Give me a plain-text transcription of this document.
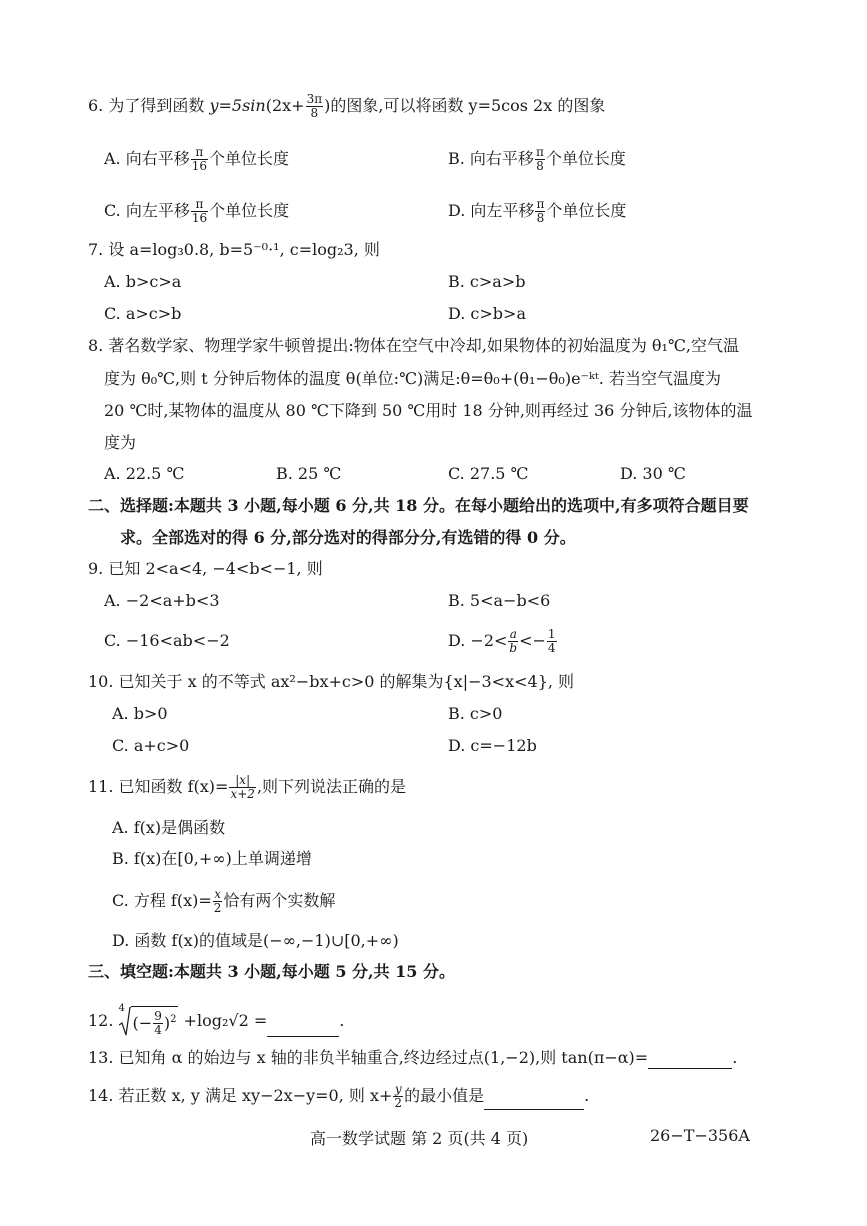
6. 为了得到函数 $y=5\sin(2x+ \frac{3\pi}{8}$ )的图象,可以将函数 y=5cos 2x 的图象
A. 向右平移 $\frac{\pi}{16}$ 个单位长度	B. 向右平移 $\frac{\pi}{8}$ 个单位长度
C. 向左平移 $\frac{\pi}{16}$ 个单位长度	D. 向左平移 $\frac{\pi}{8}$ 个单位长度
7. 设 a=log₃0.8, b=5⁻⁰·¹, c=log₂3, 则
A. b>c>a	B. c>a>b
C. a>c>b	D. c>b>a
8. 著名数学家、物理学家牛顿曾提出:物体在空气中冷却,如果物体的初始温度为 θ₁℃,空气温
度为 θ₀℃,则 t 分钟后物体的温度 θ(单位:℃)满足:θ=θ₀+(θ₁−θ₀)e⁻ᵏᵗ. 若当空气温度为
20 ℃时,某物体的温度从 80 ℃下降到 50 ℃用时 18 分钟,则再经过 36 分钟后,该物体的温
度为
A. 22.5 ℃	B. 25 ℃	C. 27.5 ℃	D. 30 ℃
二、选择题:本题共 3 小题,每小题 6 分,共 18 分。在每小题给出的选项中,有多项符合题目要
求。全部选对的得 6 分,部分选对的得部分分,有选错的得 0 分。
9. 已知 2<a<4, −4<b<−1, 则
A. −2<a+b<3	B. 5<a−b<6
C. −16<ab<−2	D. $-2< \frac{a}{b} <- \frac{1}{4}$
10. 已知关于 x 的不等式 ax²−bx+c>0 的解集为{x|−3<x<4}, 则
A. b>0	B. c>0
C. a+c>0	D. c=−12b
11. 已知函数 $f(x)= \frac{|x|}{x+2}$ ,则下列说法正确的是
A. f(x)是偶函数
B. f(x)在[0,+∞)上单调递增
C. 方程 $f(x)= \frac{x}{2}$ 恰有两个实数解
D. 函数 f(x)的值域是(−∞,−1)∪[0,+∞)
三、填空题:本题共 3 小题,每小题 5 分,共 15 分。
12.
4
(− $\frac{9}{4} )^2 +\log_2√2$ =	.
13. 已知角 α 的始边与 x 轴的非负半轴重合,终边经过点(1,−2),则 tan(π−α)=	.
14. 若正数 x, y 满足 xy−2x−y=0, 则 $x+ \frac{y}{2}$ 的最小值是	.
高一数学试题 第 2 页(共 4 页)	26−T−356A
